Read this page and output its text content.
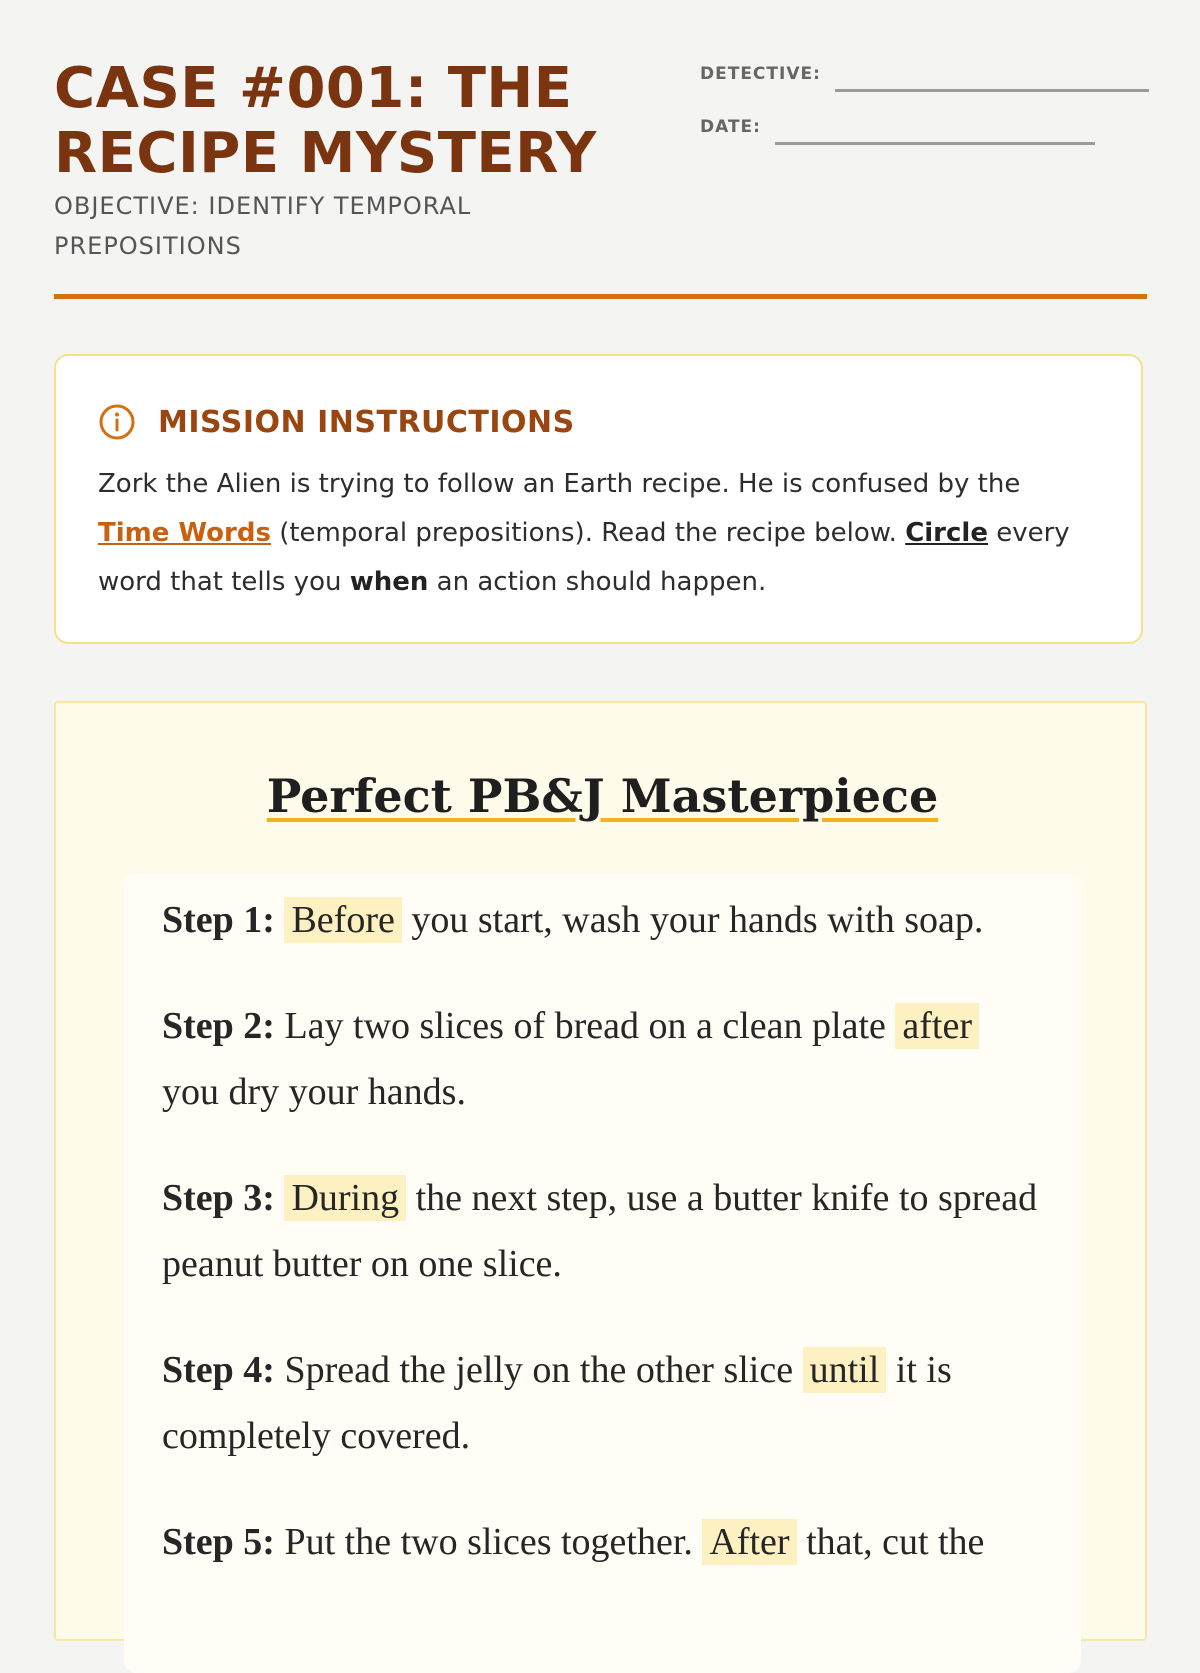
CASE #001: THE RECIPE MYSTERY
OBJECTIVE: IDENTIFY TEMPORAL PREPOSITIONS
DETECTIVE:
DATE:
MISSION INSTRUCTIONS
Zork the Alien is trying to follow an Earth recipe. He is confused by the Time Words (temporal prepositions). Read the recipe below. Circle every word that tells you when an action should happen.
Perfect PB&J Masterpiece

Step 1: Before you start, wash your hands with soap.

Step 2: Lay two slices of bread on a clean plate after you dry your hands.

Step 3: During the next step, use a butter knife to spread peanut butter on one slice.

Step 4: Spread the jelly on the other slice until it is completely covered.

Step 5: Put the two slices together. After that, cut the
